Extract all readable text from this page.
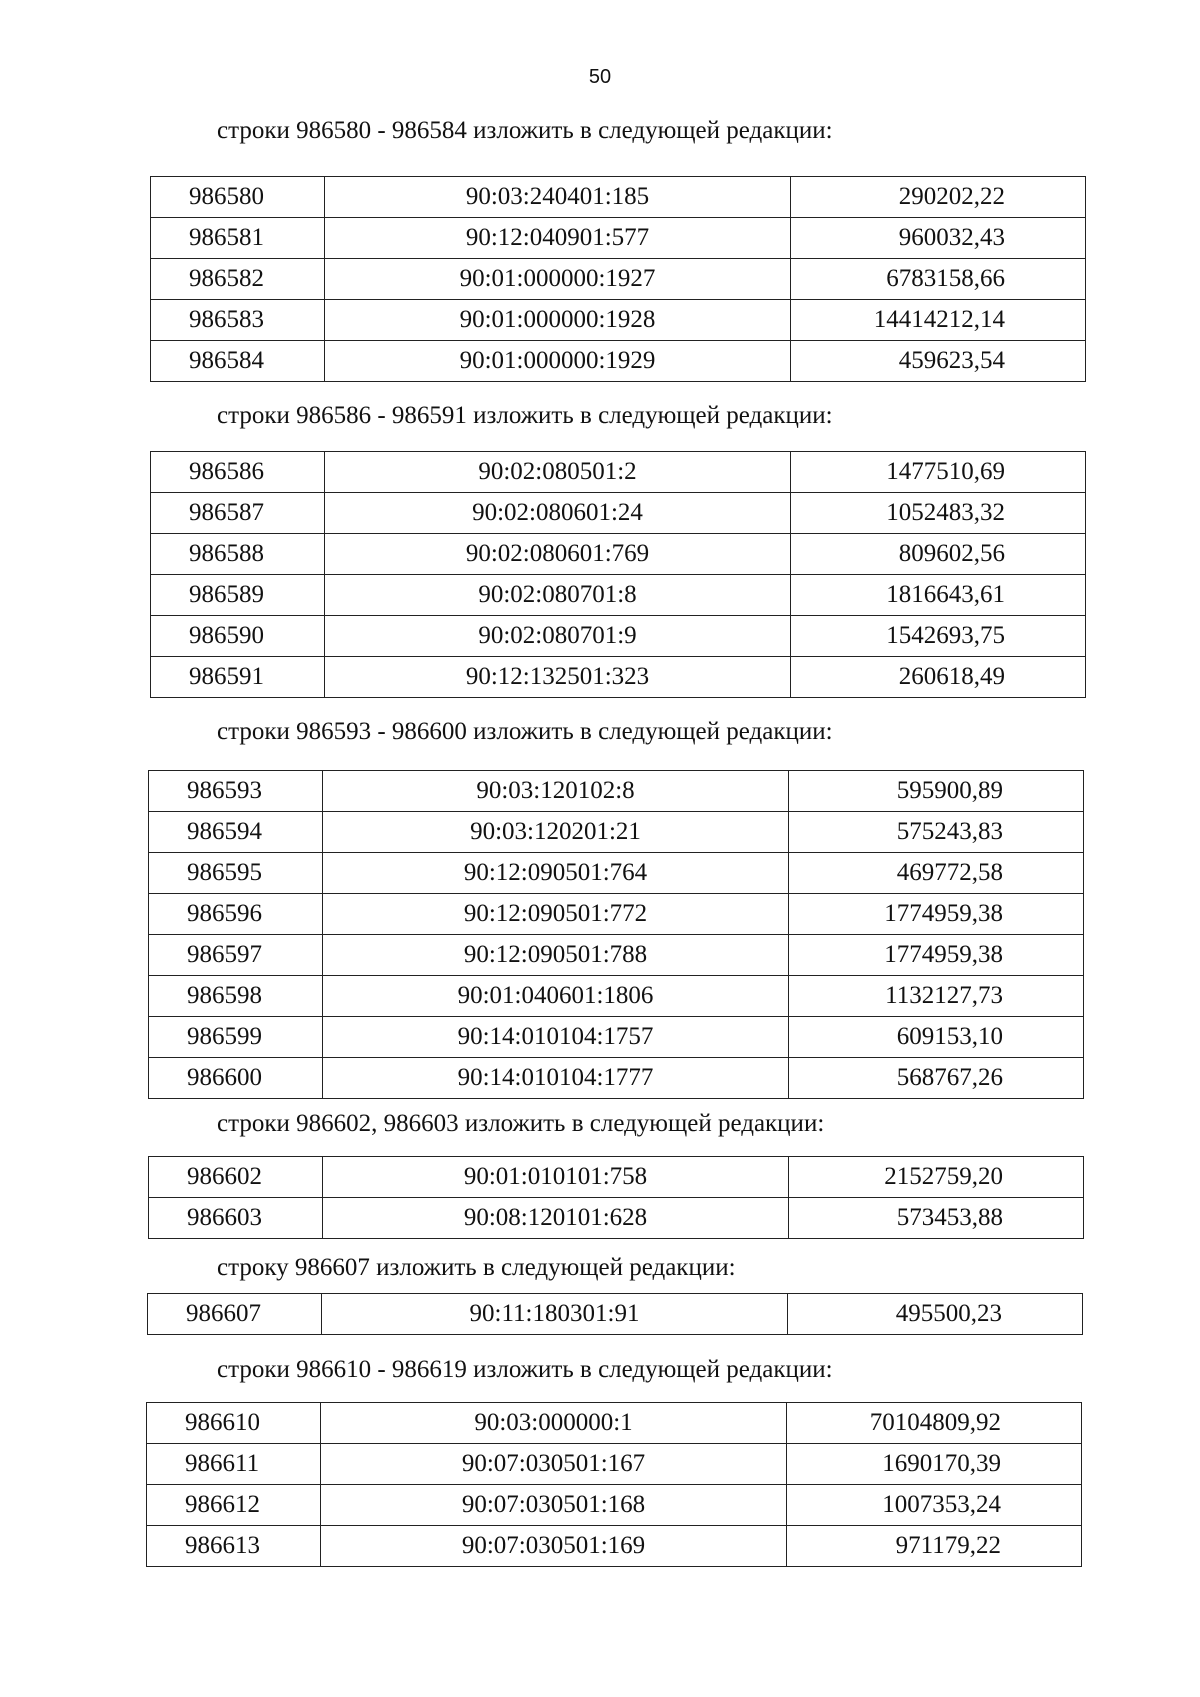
50
строки 986580 - 986584 изложить в следующей редакции:
986580	90:03:240401:185	290202,22
986581	90:12:040901:577	960032,43
986582	90:01:000000:1927	6783158,66
986583	90:01:000000:1928	14414212,14
986584	90:01:000000:1929	459623,54
строки 986586 - 986591 изложить в следующей редакции:
986586	90:02:080501:2	1477510,69
986587	90:02:080601:24	1052483,32
986588	90:02:080601:769	809602,56
986589	90:02:080701:8	1816643,61
986590	90:02:080701:9	1542693,75
986591	90:12:132501:323	260618,49
строки 986593 - 986600 изложить в следующей редакции:
986593	90:03:120102:8	595900,89
986594	90:03:120201:21	575243,83
986595	90:12:090501:764	469772,58
986596	90:12:090501:772	1774959,38
986597	90:12:090501:788	1774959,38
986598	90:01:040601:1806	1132127,73
986599	90:14:010104:1757	609153,10
986600	90:14:010104:1777	568767,26
строки 986602, 986603 изложить в следующей редакции:
986602	90:01:010101:758	2152759,20
986603	90:08:120101:628	573453,88
строку 986607 изложить в следующей редакции:
986607	90:11:180301:91	495500,23
строки 986610 - 986619 изложить в следующей редакции:
986610	90:03:000000:1	70104809,92
986611	90:07:030501:167	1690170,39
986612	90:07:030501:168	1007353,24
986613	90:07:030501:169	971179,22
